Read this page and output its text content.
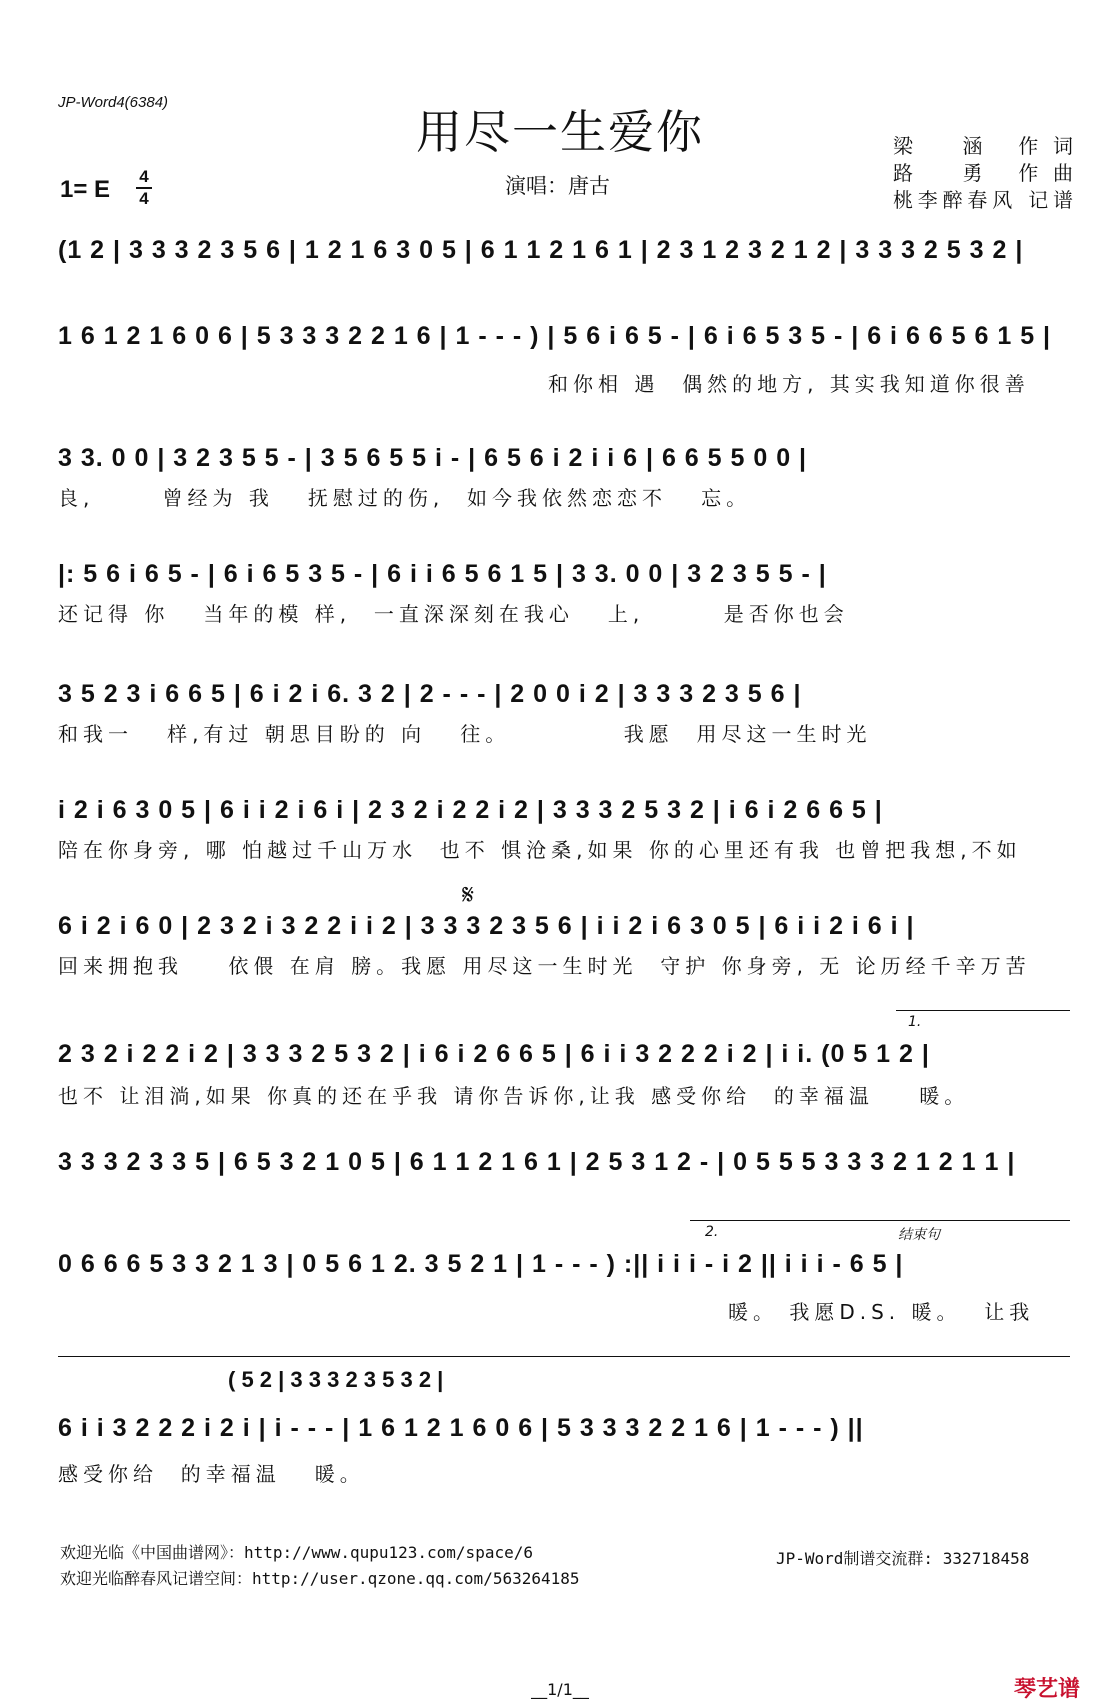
JP-Word4(6384)
用尽一生爱你
1= E 4
4
演唱：唐古
梁　涵 作词
路　勇 作曲
桃李醉春风 记谱
(1 2 | 3 3 3 2 3 5 6 | 1 2 1 6 3 0 5 | 6 1 1 2 1 6 1 | 2 3 1 2 3 2 1 2 | 3 3 3 2 5 3 2 |
1 6 1 2 1 6 0 6 | 5 3 3 3 2 2 1 6 | 1 - - - ) | 5 6 i 6 5 - | 6 i 6 5 3 5 - | 6 i 6 6 5 6 1 5 |
和你相 遇  偶然的地方, 其实我知道你很善
3 3. 0 0 | 3 2 3 5 5 - | 3 5 6 5 5 i - | 6 5 6 i 2 i i 6 | 6 6 5 5 0 0 |
良,      曾经为 我   抚慰过的伤,  如今我依然恋恋不   忘。
|: 5 6 i 6 5 - | 6 i 6 5 3 5 - | 6 i i 6 5 6 1 5 | 3 3. 0 0 | 3 2 3 5 5 - |
还记得 你   当年的模 样,  一直深深刻在我心   上,       是否你也会
3 5 2 3 i 6 6 5 | 6 i 2 i 6. 3 2 | 2 - - - | 2 0 0 i 2 | 3 3 3 2 3 5 6 |
和我一   样,有过 朝思目盼的 向   往。          我愿  用尽这一生时光
i 2 i 6 3 0 5 | 6 i i 2 i 6 i | 2 3 2 i 2 2 i 2 | 3 3 3 2 5 3 2 | i 6 i 2 6 6 5 |
陪在你身旁, 哪 怕越过千山万水  也不 惧沧桑,如果 你的心里还有我 也曾把我想,不如
𝄋
6 i 2 i 6 0 | 2 3 2 i 3 2 2 i i 2 | 3 3 3 2 3 5 6 | i i 2 i 6 3 0 5 | 6 i i 2 i 6 i |
回来拥抱我    依偎 在肩 膀。我愿 用尽这一生时光  守护 你身旁, 无 论历经千辛万苦
1.
2 3 2 i 2 2 i 2 | 3 3 3 2 5 3 2 | i 6 i 2 6 6 5 | 6 i i 3 2 2 2 i 2 | i i. (0 5 1 2 |
也不 让泪淌,如果 你真的还在乎我 请你告诉你,让我 感受你给  的幸福温    暖。
3 3 3 2 3 3 5 | 6 5 3 2 1 0 5 | 6 1 1 2 1 6 1 | 2 5 3 1 2 - | 0 5 5 5 3 3 3 2 1 2 1 1 |
2.	结束句
0 6 6 6 5 3 3 2 1 3 | 0 5 6 1 2. 3 5 2 1 | 1 - - - ) :|| i i i - i 2 || i i i - 6 5 |
暖。 我愿D.S. 暖。  让我
( 5 2 | 3 3 3 2 3 5 3 2 |
6 i i 3 2 2 2 i 2 i | i - - - | 1 6 1 2 1 6 0 6 | 5 3 3 3 2 2 1 6 | 1 - - - ) ||
感受你给  的幸福温   暖。
欢迎光临《中国曲谱网》：http://www.qupu123.com/space/6
欢迎光临醉春风记谱空间：http://user.qzone.qq.com/563264185
JP-Word制谱交流群: 332718458
__1/1__	琴艺谱
